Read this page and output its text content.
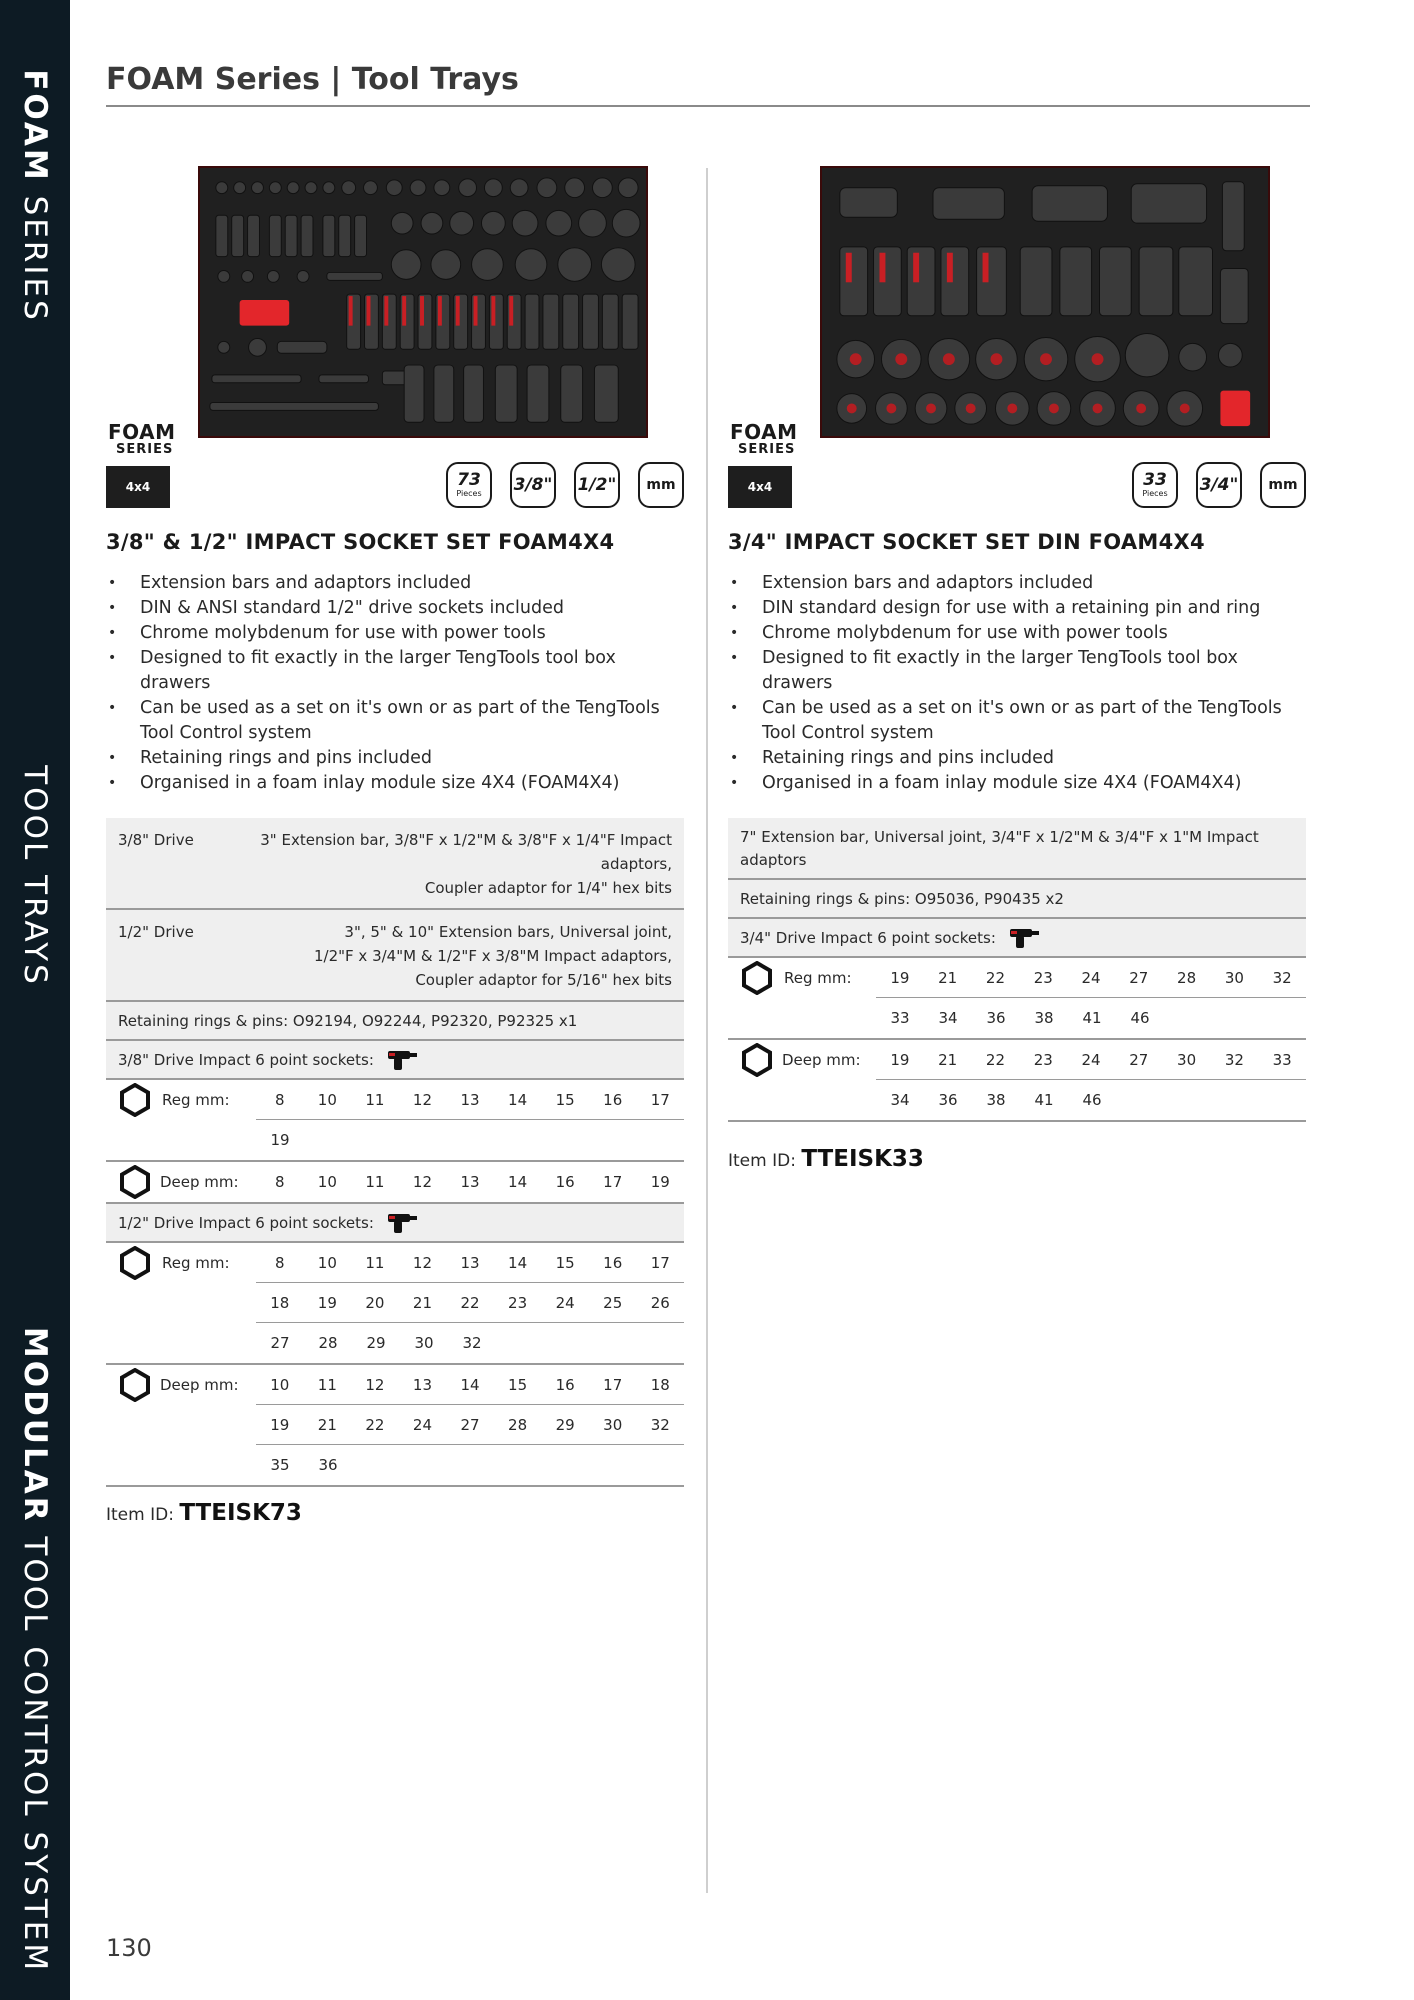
FOAM SERIES
TOOL TRAYS
MODULAR TOOL CONTROL SYSTEM
FOAM Series | Tool Trays
FOAM
SERIES
4x4	73
Pieces 3/8" 1/2" mm
3/8" & 1/2" IMPACT SOCKET SET FOAM4X4
• Extension bars and adaptors included
• DIN & ANSI standard 1/2" drive sockets included
• Chrome molybdenum for use with power tools
• Designed to fit exactly in the larger TengTools tool box drawers
• Can be used as a set on it's own or as part of the TengTools Tool Control system
• Retaining rings and pins included
• Organised in a foam inlay module size 4X4 (FOAM4X4)
3/8" Drive	3" Extension bar, 3/8"F x 1/2"M & 3/8"F x 1/4"F Impact
adaptors,
Coupler adaptor for 1/4" hex bits
1/2" Drive	3", 5" & 10" Extension bars, Universal joint,
1/2"F x 3/4"M & 1/2"F x 3/8"M Impact adaptors,
Coupler adaptor for 5/16" hex bits
Retaining rings & pins: O92194, O92244, P92320, P92325 x1
3/8" Drive Impact 6 point sockets:
Reg mm:	8	10	11	12	13	14	15	16	17
19
Deep mm:	8	10	11	12	13	14	16	17	19
1/2" Drive Impact 6 point sockets:
Reg mm:	8	10	11	12	13	14	15	16	17
18	19	20	21	22	23	24	25	26
27	28	29	30	32
Deep mm:	10	11	12	13	14	15	16	17	18
19	21	22	24	27	28	29	30	32
35	36
Item ID: TTEISK73
FOAM
SERIES
4x4	33
Pieces 3/4" mm
3/4" IMPACT SOCKET SET DIN FOAM4X4
• Extension bars and adaptors included
• DIN standard design for use with a retaining pin and ring
• Chrome molybdenum for use with power tools
• Designed to fit exactly in the larger TengTools tool box drawers
• Can be used as a set on it's own or as part of the TengTools Tool Control system
• Retaining rings and pins included
• Organised in a foam inlay module size 4X4 (FOAM4X4)
7" Extension bar, Universal joint, 3/4"F x 1/2"M & 3/4"F x 1"M Impact adaptors
Retaining rings & pins: O95036, P90435 x2
3/4" Drive Impact 6 point sockets:
Reg mm:	19	21	22	23	24	27	28	30	32
33	34	36	38	41	46
Deep mm:	19	21	22	23	24	27	30	32	33
34	36	38	41	46
Item ID: TTEISK33
130
